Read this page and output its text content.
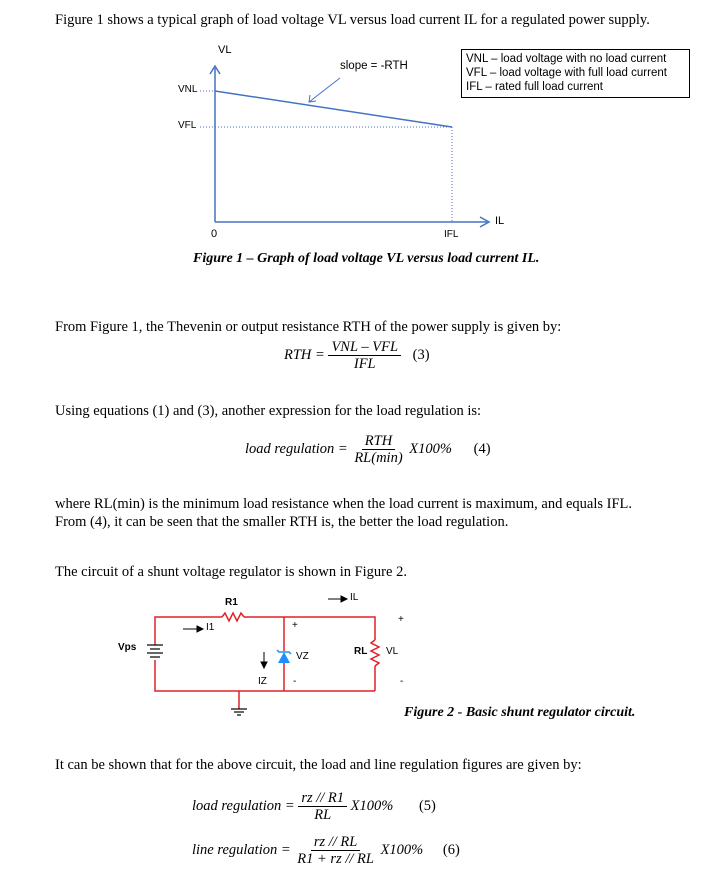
Figure 1 shows a typical graph of load voltage VL versus load current IL for a regulated power supply.
VL
VNL
VFL
0	IFL
IL
slope = -RTH
VNL – load voltage with no load current
VFL – load voltage with full load current
IFL – rated full load current
Figure 1 – Graph of load voltage VL versus load current IL.
From Figure 1, the Thevenin or output resistance RTH of the power supply is given by:
RTH = $\frac{\text{VNL – VFL}}{\text{IFL}} (3)$
Using equations (1) and (3), another expression for the load regulation is:
load regulation = $\frac{\text{RTH}}{RL(\min)} X100\%$ (4)
where RL(min) is the minimum load resistance when the load current is maximum, and equals IFL.
From (4), it can be seen that the smaller RTH is, the better the load regulation.
The circuit of a shunt voltage regulator is shown in Figure 2.
R1
I1
IL
Vps
VZ
IZ
RL VL
+
-
+
-
Figure 2 - Basic shunt regulator circuit.
It can be shown that for the above circuit, the load and line regulation figures are given by:
load regulation = $\frac{rz // R1}{RL} X100\%$ (5)
line regulation = $\frac{rz // RL}{R1 + rz // RL} X100\%$ (6)
